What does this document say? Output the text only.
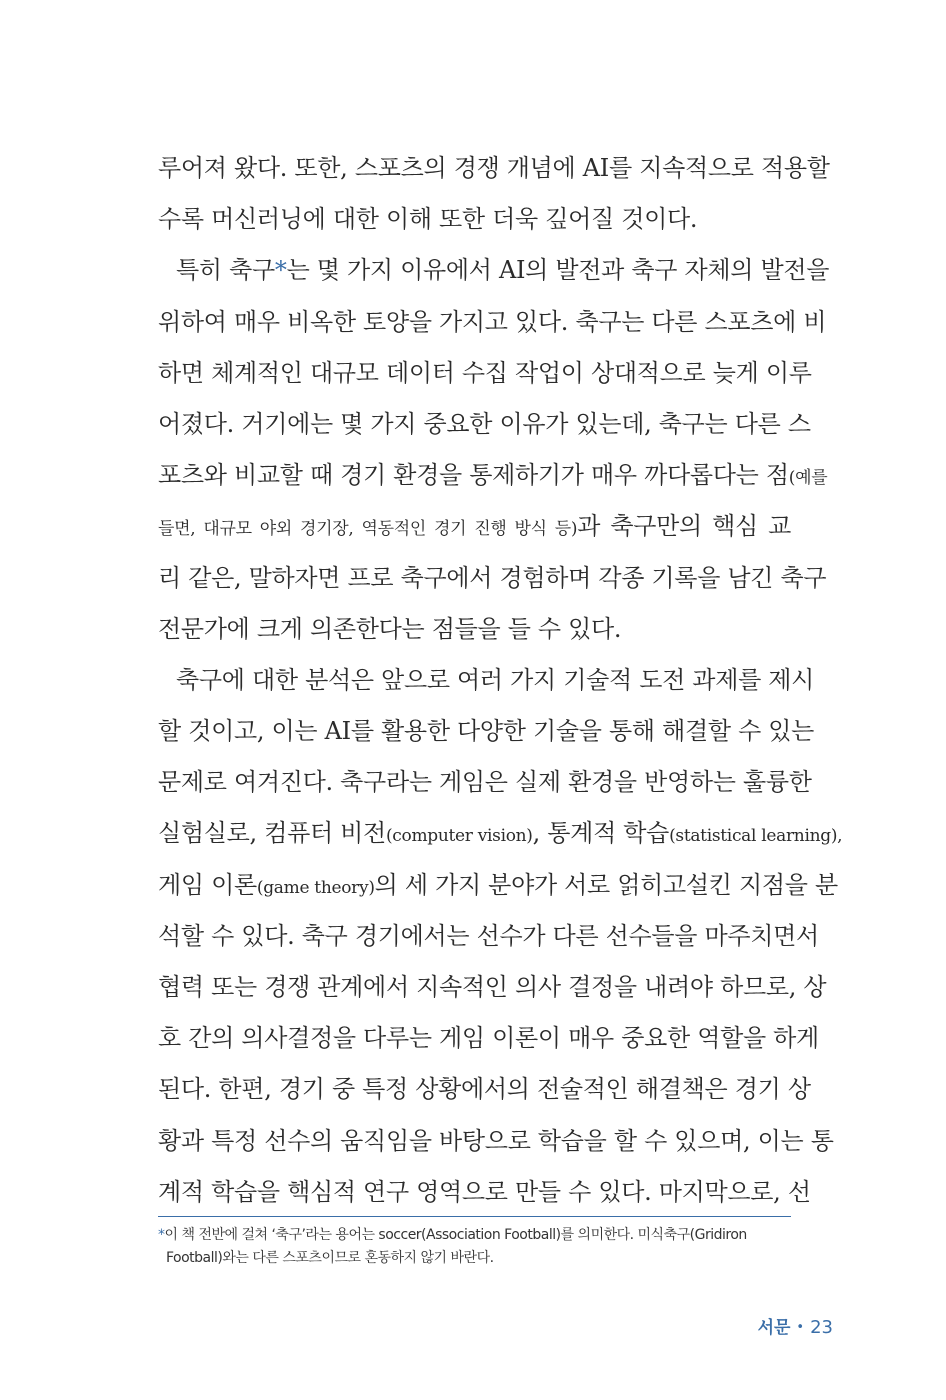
루어져 왔다. 또한, 스포츠의 경쟁 개념에 AI를 지속적으로 적용할
수록 머신러닝에 대한 이해 또한 더욱 깊어질 것이다.
특히 축구*는 몇 가지 이유에서 AI의 발전과 축구 자체의 발전을
위하여 매우 비옥한 토양을 가지고 있다. 축구는 다른 스포츠에 비
하면 체계적인 대규모 데이터 수집 작업이 상대적으로 늦게 이루
어졌다. 거기에는 몇 가지 중요한 이유가 있는데, 축구는 다른 스
포츠와 비교할 때 경기 환경을 통제하기가 매우 까다롭다는 점(예를
들면, 대규모 야외 경기장, 역동적인 경기 진행 방식 등)과 축구만의 핵심 교
리 같은, 말하자면 프로 축구에서 경험하며 각종 기록을 남긴 축구
전문가에 크게 의존한다는 점들을 들 수 있다.
축구에 대한 분석은 앞으로 여러 가지 기술적 도전 과제를 제시
할 것이고, 이는 AI를 활용한 다양한 기술을 통해 해결할 수 있는
문제로 여겨진다. 축구라는 게임은 실제 환경을 반영하는 훌륭한
실험실로, 컴퓨터 비전(computer vision), 통계적 학습(statistical learning),
게임 이론(game theory)의 세 가지 분야가 서로 얽히고설킨 지점을 분
석할 수 있다. 축구 경기에서는 선수가 다른 선수들을 마주치면서
협력 또는 경쟁 관계에서 지속적인 의사 결정을 내려야 하므로, 상
호 간의 의사결정을 다루는 게임 이론이 매우 중요한 역할을 하게
된다. 한편, 경기 중 특정 상황에서의 전술적인 해결책은 경기 상
황과 특정 선수의 움직임을 바탕으로 학습을 할 수 있으며, 이는 통
계적 학습을 핵심적 연구 영역으로 만들 수 있다. 마지막으로, 선
*이 책 전반에 걸쳐 ‘축구’라는 용어는 soccer(Association Football)를 의미한다. 미식축구(Gridiron
Football)와는 다른 스포츠이므로 혼동하지 않기 바란다.
서문 • 23
